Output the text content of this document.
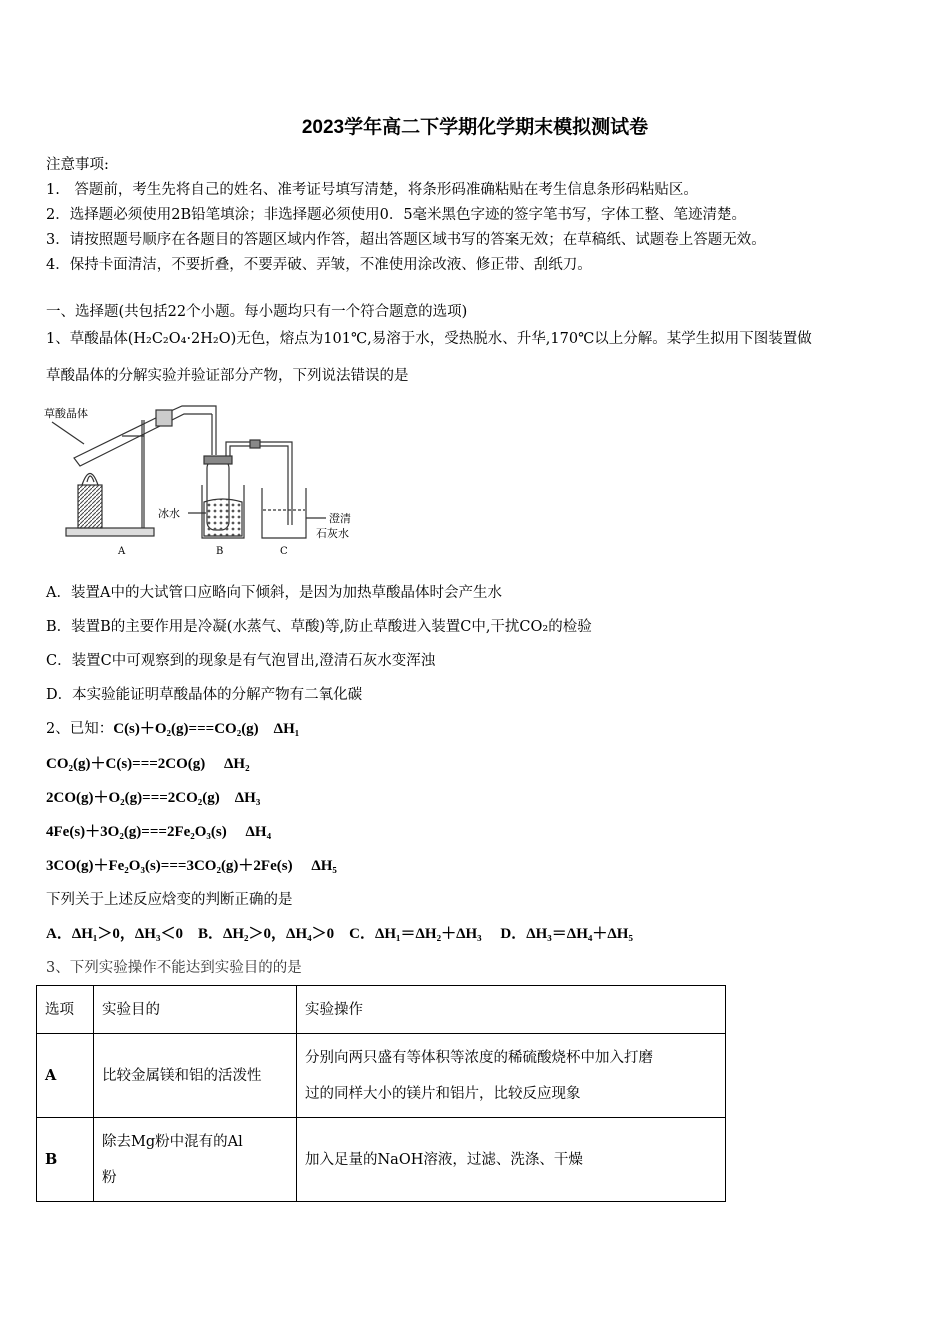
2023学年高二下学期化学期末模拟测试卷
注意事项:
1.　答题前，考生先将自己的姓名、准考证号填写清楚，将条形码准确粘贴在考生信息条形码粘贴区。
2．选择题必须使用2B铅笔填涂；非选择题必须使用0．5毫米黑色字迹的签字笔书写，字体工整、笔迹清楚。
3．请按照题号顺序在各题目的答题区域内作答，超出答题区域书写的答案无效；在草稿纸、试题卷上答题无效。
4．保持卡面清洁，不要折叠，不要弄破、弄皱，不准使用涂改液、修正带、刮纸刀。
一、选择题(共包括22个小题。每小题均只有一个符合题意的选项)
1、草酸晶体(H₂C₂O₄·2H₂O)无色，熔点为101℃,易溶于水，受热脱水、升华,170℃以上分解。某学生拟用下图装置做
草酸晶体的分解实验并验证部分产物，下列说法错误的是
草酸晶体
冰水	澄清
石灰水
A	B	C
A．装置A中的大试管口应略向下倾斜，是因为加热草酸晶体时会产生水
B．装置B的主要作用是冷凝(水蒸气、草酸)等,防止草酸进入装置C中,干扰CO₂的检验
C．装置C中可观察到的现象是有气泡冒出,澄清石灰水变浑浊
D．本实验能证明草酸晶体的分解产物有二氧化碳
2、已知：C(s)＋O₂(g)===CO₂(g)　ΔH₁
CO₂(g)＋C(s)===2CO(g)　 ΔH₂
2CO(g)＋O₂(g)===2CO₂(g)　ΔH₃
4Fe(s)＋3O₂(g)===2Fe₂O₃(s)　 ΔH₄
3CO(g)＋Fe₂O₃(s)===3CO₂(g)＋2Fe(s)　 ΔH₅
下列关于上述反应焓变的判断正确的是
A．ΔH₁＞0，ΔH₃＜0　B．ΔH₂＞0，ΔH₄＞0　C．ΔH₁＝ΔH₂＋ΔH₃　 D．ΔH₃＝ΔH₄＋ΔH₅
3、下列实验操作不能达到实验目的的是
选项	实验目的	实验操作
A	比较金属镁和铝的活泼性	分别向两只盛有等体积等浓度的稀硫酸烧杯中加入打磨
过的同样大小的镁片和铝片，比较反应现象

B	除去Mg粉中混有的Al
粉	加入足量的NaOH溶液，过滤、洗涤、干燥
